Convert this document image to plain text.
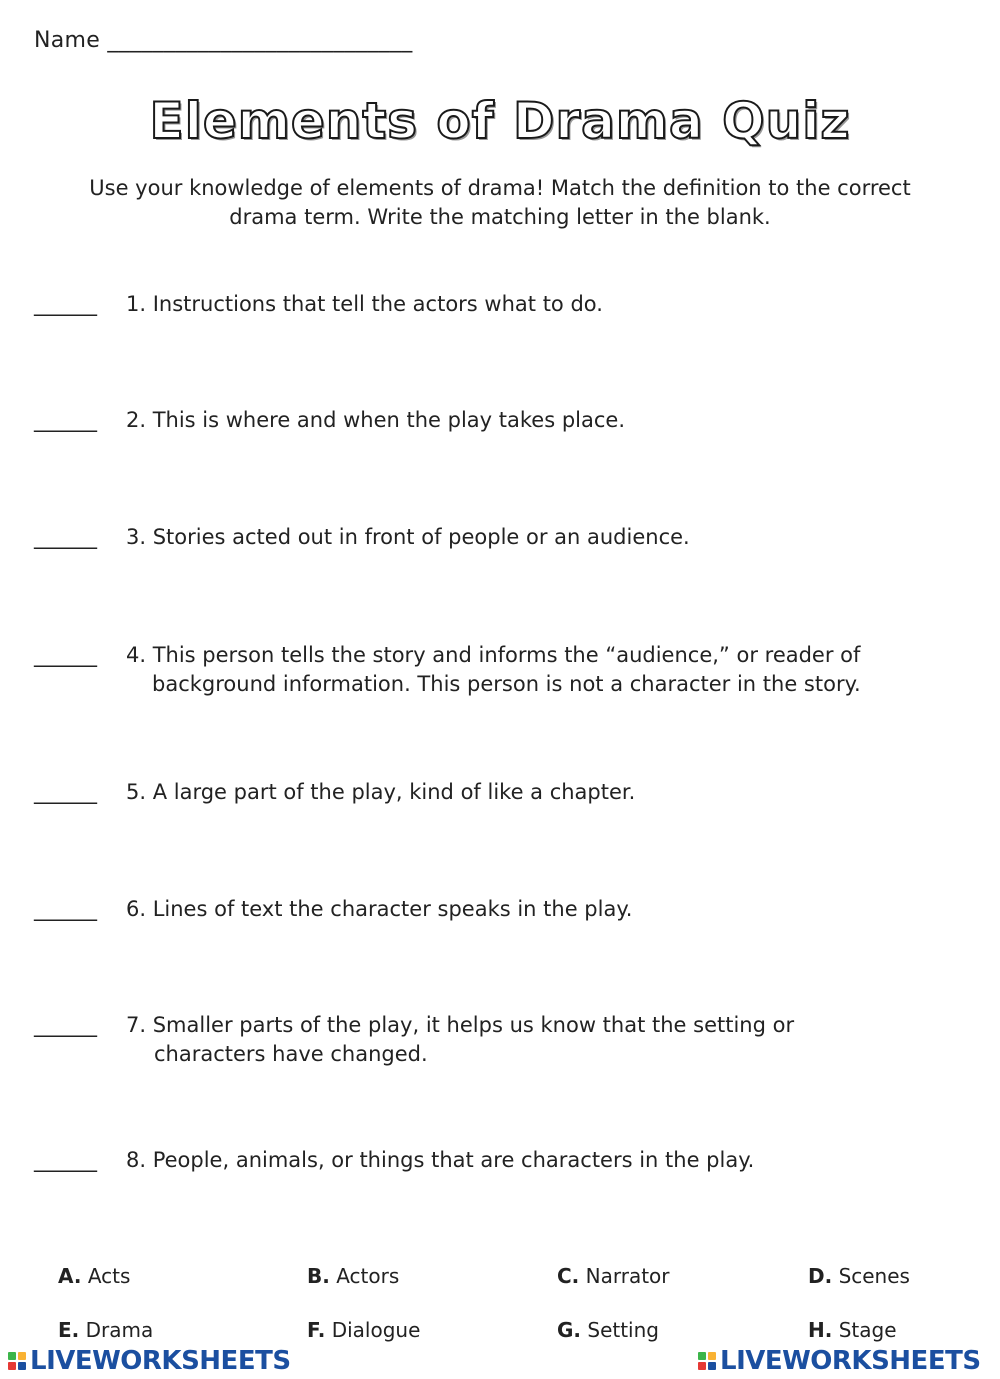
Name ___________________________
Elements of Drama Quiz
Use your knowledge of elements of drama! Match the definition to the correct drama term. Write the matching letter in the blank.
______ 1. Instructions that tell the actors what to do.
______ 2. This is where and when the play takes place.
______ 3. Stories acted out in front of people or an audience.
______ 4. This person tells the story and informs the “audience,” or reader of
background information. This person is not a character in the story.
______ 5. A large part of the play, kind of like a chapter.
______ 6. Lines of text the character speaks in the play.
______ 7. Smaller parts of the play, it helps us know that the setting or
characters have changed.
______ 8. People, animals, or things that are characters in the play.
A. Acts	B. Actors	C. Narrator	D. Scenes
E. Drama	F. Dialogue	G. Setting	H. Stage
LIVEWORKSHEETS	LIVEWORKSHEETS
